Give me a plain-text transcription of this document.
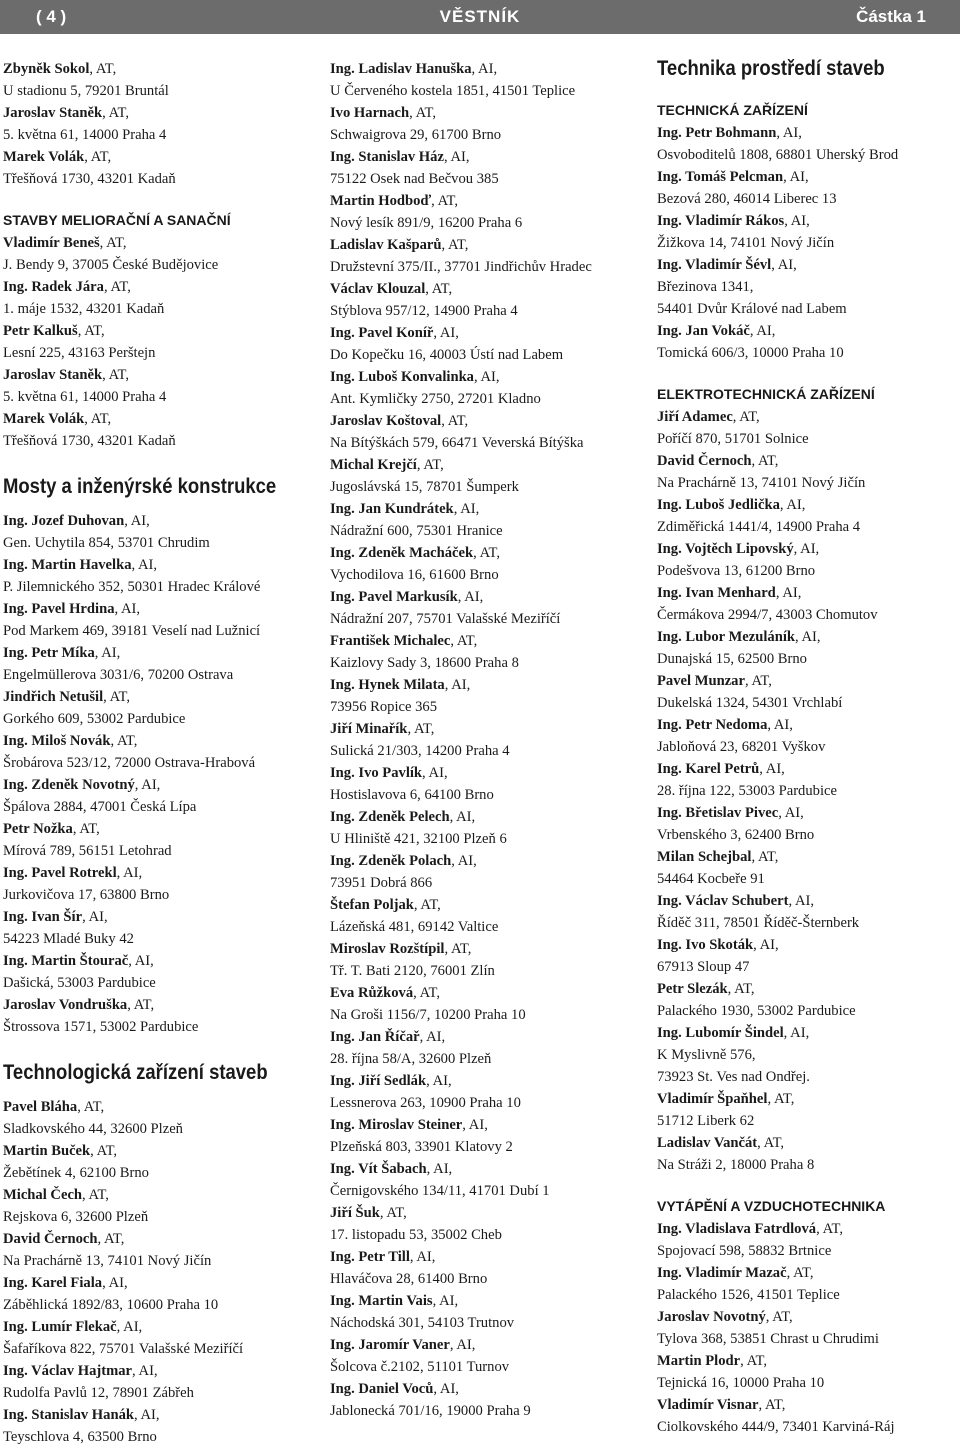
( 4 )	VĚSTNÍK	Částka 1
Zbyněk Sokol, AT,
U stadionu 5, 79201 Bruntál
Jaroslav Staněk, AT,
5. května 61, 14000 Praha 4
Marek Volák, AT,
Třešňová 1730, 43201 Kadaň
STAVBY MELIORAČNÍ A SANAČNÍ
Vladimír Beneš, AT,
J. Bendy 9, 37005 České Budějovice
Ing. Radek Jára, AT,
1. máje 1532, 43201 Kadaň
Petr Kalkuš, AT,
Lesní 225, 43163 Perštejn
Jaroslav Staněk, AT,
5. května 61, 14000 Praha 4
Marek Volák, AT,
Třešňová 1730, 43201 Kadaň
Mosty a inženýrské konstrukce
Ing. Jozef Duhovan, AI,
Gen. Uchytila 854, 53701 Chrudim
Ing. Martin Havelka, AI,
P. Jilemnického 352, 50301 Hradec Králové
Ing. Pavel Hrdina, AI,
Pod Markem 469, 39181 Veselí nad Lužnicí
Ing. Petr Míka, AI,
Engelmüllerova 3031/6, 70200 Ostrava
Jindřich Netušil, AT,
Gorkého 609, 53002 Pardubice
Ing. Miloš Novák, AT,
Šrobárova 523/12, 72000 Ostrava-Hrabová
Ing. Zdeněk Novotný, AI,
Špálova 2884, 47001 Česká Lípa
Petr Nožka, AT,
Mírová 789, 56151 Letohrad
Ing. Pavel Rotrekl, AI,
Jurkovičova 17, 63800 Brno
Ing. Ivan Šír, AI,
54223 Mladé Buky 42
Ing. Martin Štourač, AI,
Dašická, 53003 Pardubice
Jaroslav Vondruška, AT,
Štrossova 1571, 53002 Pardubice
Technologická zařízení staveb
Pavel Bláha, AT,
Sladkovského 44, 32600 Plzeň
Martin Buček, AT,
Žebětínek 4, 62100 Brno
Michal Čech, AT,
Rejskova 6, 32600 Plzeň
David Černoch, AT,
Na Prachárně 13, 74101 Nový Jičín
Ing. Karel Fiala, AI,
Záběhlická 1892/83, 10600 Praha 10
Ing. Lumír Flekač, AI,
Šafaříkova 822, 75701 Valašské Meziříčí
Ing. Václav Hajtmar, AI,
Rudolfa Pavlů 12, 78901 Zábřeh
Ing. Stanislav Hanák, AI,
Teyschlova 4, 63500 Brno
Ing. Ladislav Hanuška, AI,
U Červeného kostela 1851, 41501 Teplice
Ivo Harnach, AT,
Schwaigrova 29, 61700 Brno
Ing. Stanislav Ház, AI,
75122 Osek nad Bečvou 385
Martin Hodboď, AT,
Nový lesík 891/9, 16200 Praha 6
Ladislav Kašparů, AT,
Družstevní 375/II., 37701 Jindřichův Hradec
Václav Klouzal, AT,
Stýblova 957/12, 14900 Praha 4
Ing. Pavel Koníř, AI,
Do Kopečku 16, 40003 Ústí nad Labem
Ing. Luboš Konvalinka, AI,
Ant. Kymličky 2750, 27201 Kladno
Jaroslav Koštoval, AT,
Na Bítýškách 579, 66471 Veverská Bítýška
Michal Krejčí, AT,
Jugoslávská 15, 78701 Šumperk
Ing. Jan Kundrátek, AI,
Nádražní 600, 75301 Hranice
Ing. Zdeněk Macháček, AT,
Vychodilova 16, 61600 Brno
Ing. Pavel Markusík, AI,
Nádražní 207, 75701 Valašské Meziříčí
František Michalec, AT,
Kaizlovy Sady 3, 18600 Praha 8
Ing. Hynek Milata, AI,
73956 Ropice 365
Jiří Minařík, AT,
Sulická 21/303, 14200 Praha 4
Ing. Ivo Pavlík, AI,
Hostislavova 6, 64100 Brno
Ing. Zdeněk Pelech, AI,
U Hliniště 421, 32100 Plzeň 6
Ing. Zdeněk Polach, AI,
73951 Dobrá 866
Štefan Poljak, AT,
Lázeňská 481, 69142 Valtice
Miroslav Rozštípil, AT,
Tř. T. Bati 2120, 76001 Zlín
Eva Růžková, AT,
Na Groši 1156/7, 10200 Praha 10
Ing. Jan Říčař, AI,
28. října 58/A, 32600 Plzeň
Ing. Jiří Sedlák, AI,
Lessnerova 263, 10900 Praha 10
Ing. Miroslav Steiner, AI,
Plzeňská 803, 33901 Klatovy 2
Ing. Vít Šabach, AI,
Černigovského 134/11, 41701 Dubí 1
Jiří Šuk, AT,
17. listopadu 53, 35002 Cheb
Ing. Petr Till, AI,
Hlaváčova 28, 61400 Brno
Ing. Martin Vais, AI,
Náchodská 301, 54103 Trutnov
Ing. Jaromír Vaner, AI,
Šolcova č.2102, 51101 Turnov
Ing. Daniel Voců, AI,
Jablonecká 701/16, 19000 Praha 9
Technika prostředí staveb
TECHNICKÁ ZAŘÍZENÍ
Ing. Petr Bohmann, AI,
Osvoboditelů 1808, 68801 Uherský Brod
Ing. Tomáš Pelcman, AI,
Bezová 280, 46014 Liberec 13
Ing. Vladimír Rákos, AI,
Žižkova 14, 74101 Nový Jičín
Ing. Vladimír Šévl, AI,
Březinova 1341,
54401 Dvůr Králové nad Labem
Ing. Jan Vokáč, AI,
Tomická 606/3, 10000 Praha 10
ELEKTROTECHNICKÁ ZAŘÍZENÍ
Jiří Adamec, AT,
Poříčí 870, 51701 Solnice
David Černoch, AT,
Na Prachárně 13, 74101 Nový Jičín
Ing. Luboš Jedlička, AI,
Zdiměřická 1441/4, 14900 Praha 4
Ing. Vojtěch Lipovský, AI,
Podešvova 13, 61200 Brno
Ing. Ivan Menhard, AI,
Čermákova 2994/7, 43003 Chomutov
Ing. Lubor Mezuláník, AI,
Dunajská 15, 62500 Brno
Pavel Munzar, AT,
Dukelská 1324, 54301 Vrchlabí
Ing. Petr Nedoma, AI,
Jabloňová 23, 68201 Vyškov
Ing. Karel Petrů, AI,
28. října 122, 53003 Pardubice
Ing. Břetislav Pivec, AI,
Vrbenského 3, 62400 Brno
Milan Schejbal, AT,
54464 Kocbeře 91
Ing. Václav Schubert, AI,
Říděč 311, 78501 Říděč-Šternberk
Ing. Ivo Skoták, AI,
67913 Sloup 47
Petr Slezák, AT,
Palackého 1930, 53002 Pardubice
Ing. Lubomír Šindel, AI,
K Myslivně 576,
73923 St. Ves nad Ondřej.
Vladimír Špaňhel, AT,
51712 Liberk 62
Ladislav Vančát, AT,
Na Stráži 2, 18000 Praha 8
VYTÁPĚNÍ A VZDUCHOTECHNIKA
Ing. Vladislava Fatrdlová, AT,
Spojovací 598, 58832 Brtnice
Ing. Vladimír Mazač, AT,
Palackého 1526, 41501 Teplice
Jaroslav Novotný, AT,
Tylova 368, 53851 Chrast u Chrudimi
Martin Plodr, AT,
Tejnická 16, 10000 Praha 10
Vladimír Visnar, AT,
Ciolkovského 444/9, 73401 Karviná-Ráj
